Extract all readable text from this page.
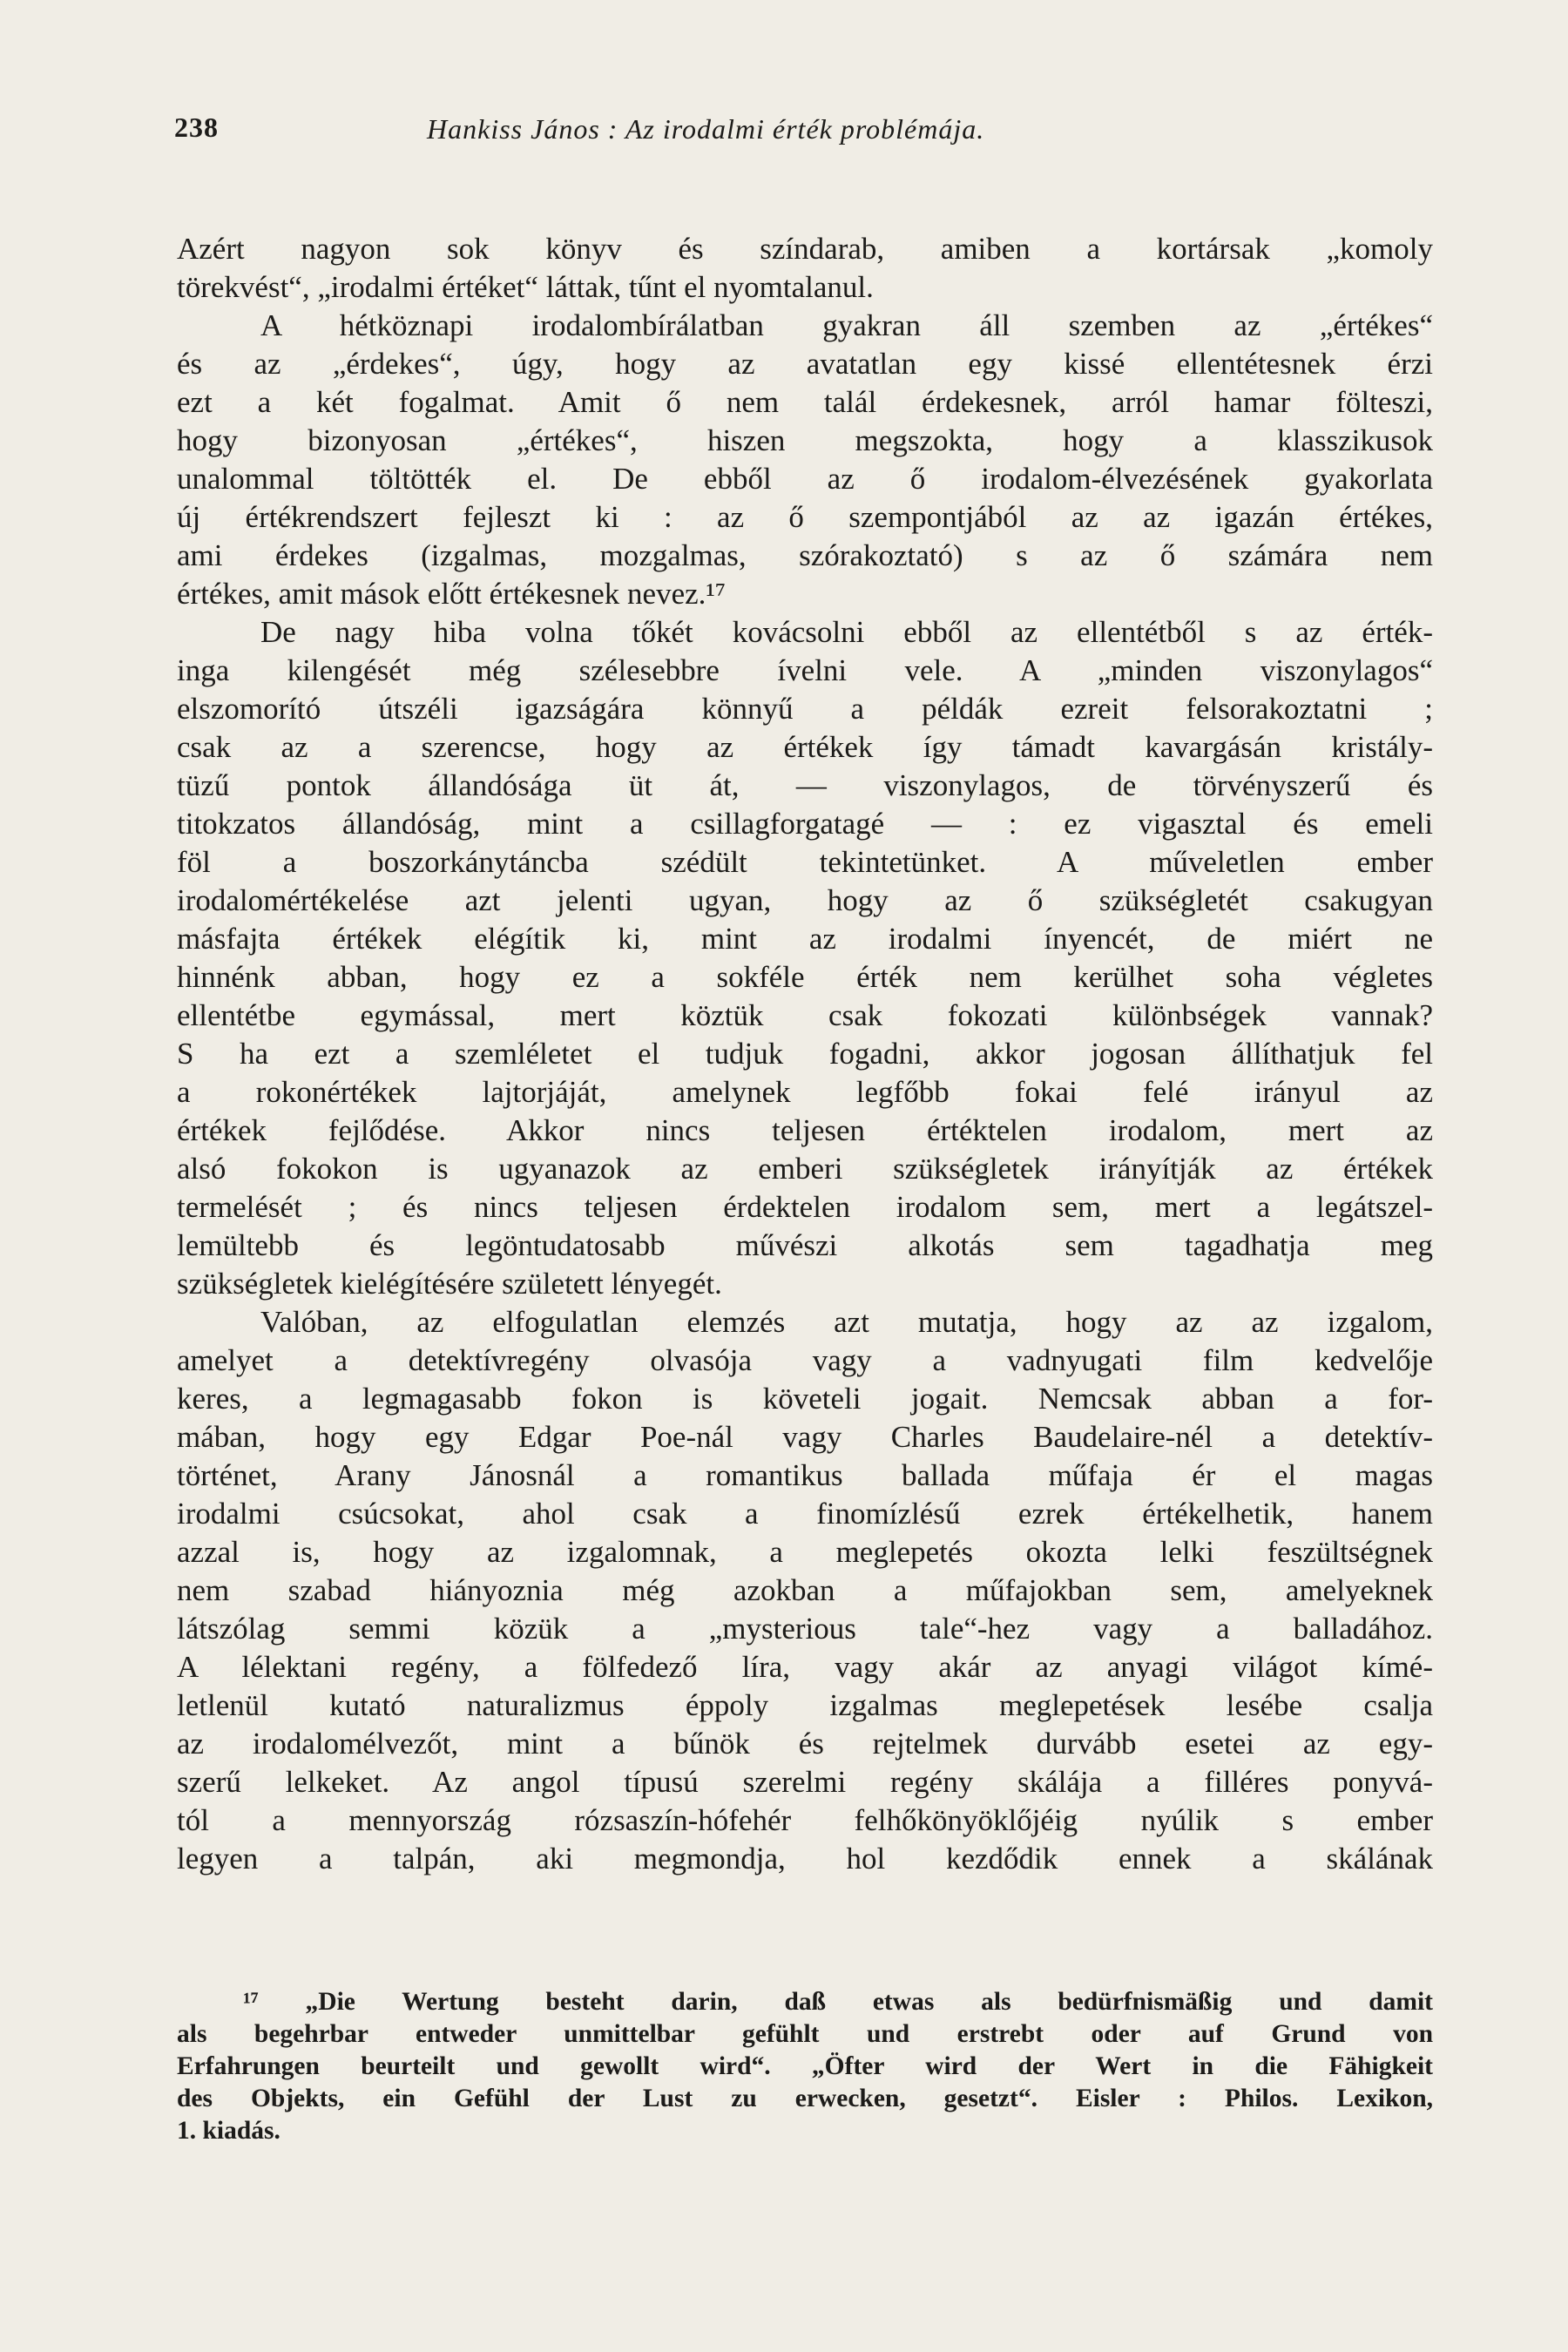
238	Hankiss János : Az irodalmi érték problémája.
Azért nagyon sok könyv és színdarab, amiben a kortársak „komoly
törekvést“, „irodalmi értéket“ láttak, tűnt el nyomtalanul.
A hétköznapi irodalombírálatban gyakran áll szemben az „értékes“
és az „érdekes“, úgy, hogy az avatatlan egy kissé ellentétesnek érzi
ezt a két fogalmat. Amit ő nem talál érdekesnek, arról hamar fölteszi,
hogy bizonyosan „értékes“, hiszen megszokta, hogy a klasszikusok
unalommal töltötték el. De ebből az ő irodalom-élvezésének gyakorlata
új értékrendszert fejleszt ki : az ő szempontjából az az igazán értékes,
ami érdekes (izgalmas, mozgalmas, szórakoztató) s az ő számára nem
értékes, amit mások előtt értékesnek nevez.¹⁷
De nagy hiba volna tőkét kovácsolni ebből az ellentétből s az érték-
inga kilengését még szélesebbre ívelni vele. A „minden viszonylagos“
elszomorító útszéli igazságára könnyű a példák ezreit felsorakoztatni ;
csak az a szerencse, hogy az értékek így támadt kavargásán kristály-
tüzű pontok állandósága üt át, — viszonylagos, de törvényszerű és
titokzatos állandóság, mint a csillagforgatagé — : ez vigasztal és emeli
föl a boszorkánytáncba szédült tekintetünket. A műveletlen ember
irodalomértékelése azt jelenti ugyan, hogy az ő szükségletét csakugyan
másfajta értékek elégítik ki, mint az irodalmi ínyencét, de miért ne
hinnénk abban, hogy ez a sokféle érték nem kerülhet soha végletes
ellentétbe egymással, mert köztük csak fokozati különbségek vannak?
S ha ezt a szemléletet el tudjuk fogadni, akkor jogosan állíthatjuk fel
a rokonértékek lajtorjáját, amelynek legfőbb fokai felé irányul az
értékek fejlődése. Akkor nincs teljesen értéktelen irodalom, mert az
alsó fokokon is ugyanazok az emberi szükségletek irányítják az értékek
termelését ; és nincs teljesen érdektelen irodalom sem, mert a legátszel-
lemültebb és legöntudatosabb művészi alkotás sem tagadhatja meg
szükségletek kielégítésére született lényegét.
Valóban, az elfogulatlan elemzés azt mutatja, hogy az az izgalom,
amelyet a detektívregény olvasója vagy a vadnyugati film kedvelője
keres, a legmagasabb fokon is követeli jogait. Nemcsak abban a for-
mában, hogy egy Edgar Poe-nál vagy Charles Baudelaire-nél a detektív-
történet, Arany Jánosnál a romantikus ballada műfaja ér el magas
irodalmi csúcsokat, ahol csak a finomízlésű ezrek értékelhetik, hanem
azzal is, hogy az izgalomnak, a meglepetés okozta lelki feszültségnek
nem szabad hiányoznia még azokban a műfajokban sem, amelyeknek
látszólag semmi közük a „mysterious tale“-hez vagy a balladához.
A lélektani regény, a fölfedező líra, vagy akár az anyagi világot kímé-
letlenül kutató naturalizmus éppoly izgalmas meglepetések lesébe csalja
az irodalomélvezőt, mint a bűnök és rejtelmek durvább esetei az egy-
szerű lelkeket. Az angol típusú szerelmi regény skálája a filléres ponyvá-
tól a mennyország rózsaszín-hófehér felhőkönyöklőjéig nyúlik s ember
legyen a talpán, aki megmondja, hol kezdődik ennek a skálának
¹⁷ „Die Wertung besteht darin, daß etwas als bedürfnismäßig und damit
als begehrbar entweder unmittelbar gefühlt und erstrebt oder auf Grund von
Erfahrungen beurteilt und gewollt wird“. „Öfter wird der Wert in die Fähigkeit
des Objekts, ein Gefühl der Lust zu erwecken, gesetzt“. Eisler : Philos. Lexikon,
1. kiadás.
